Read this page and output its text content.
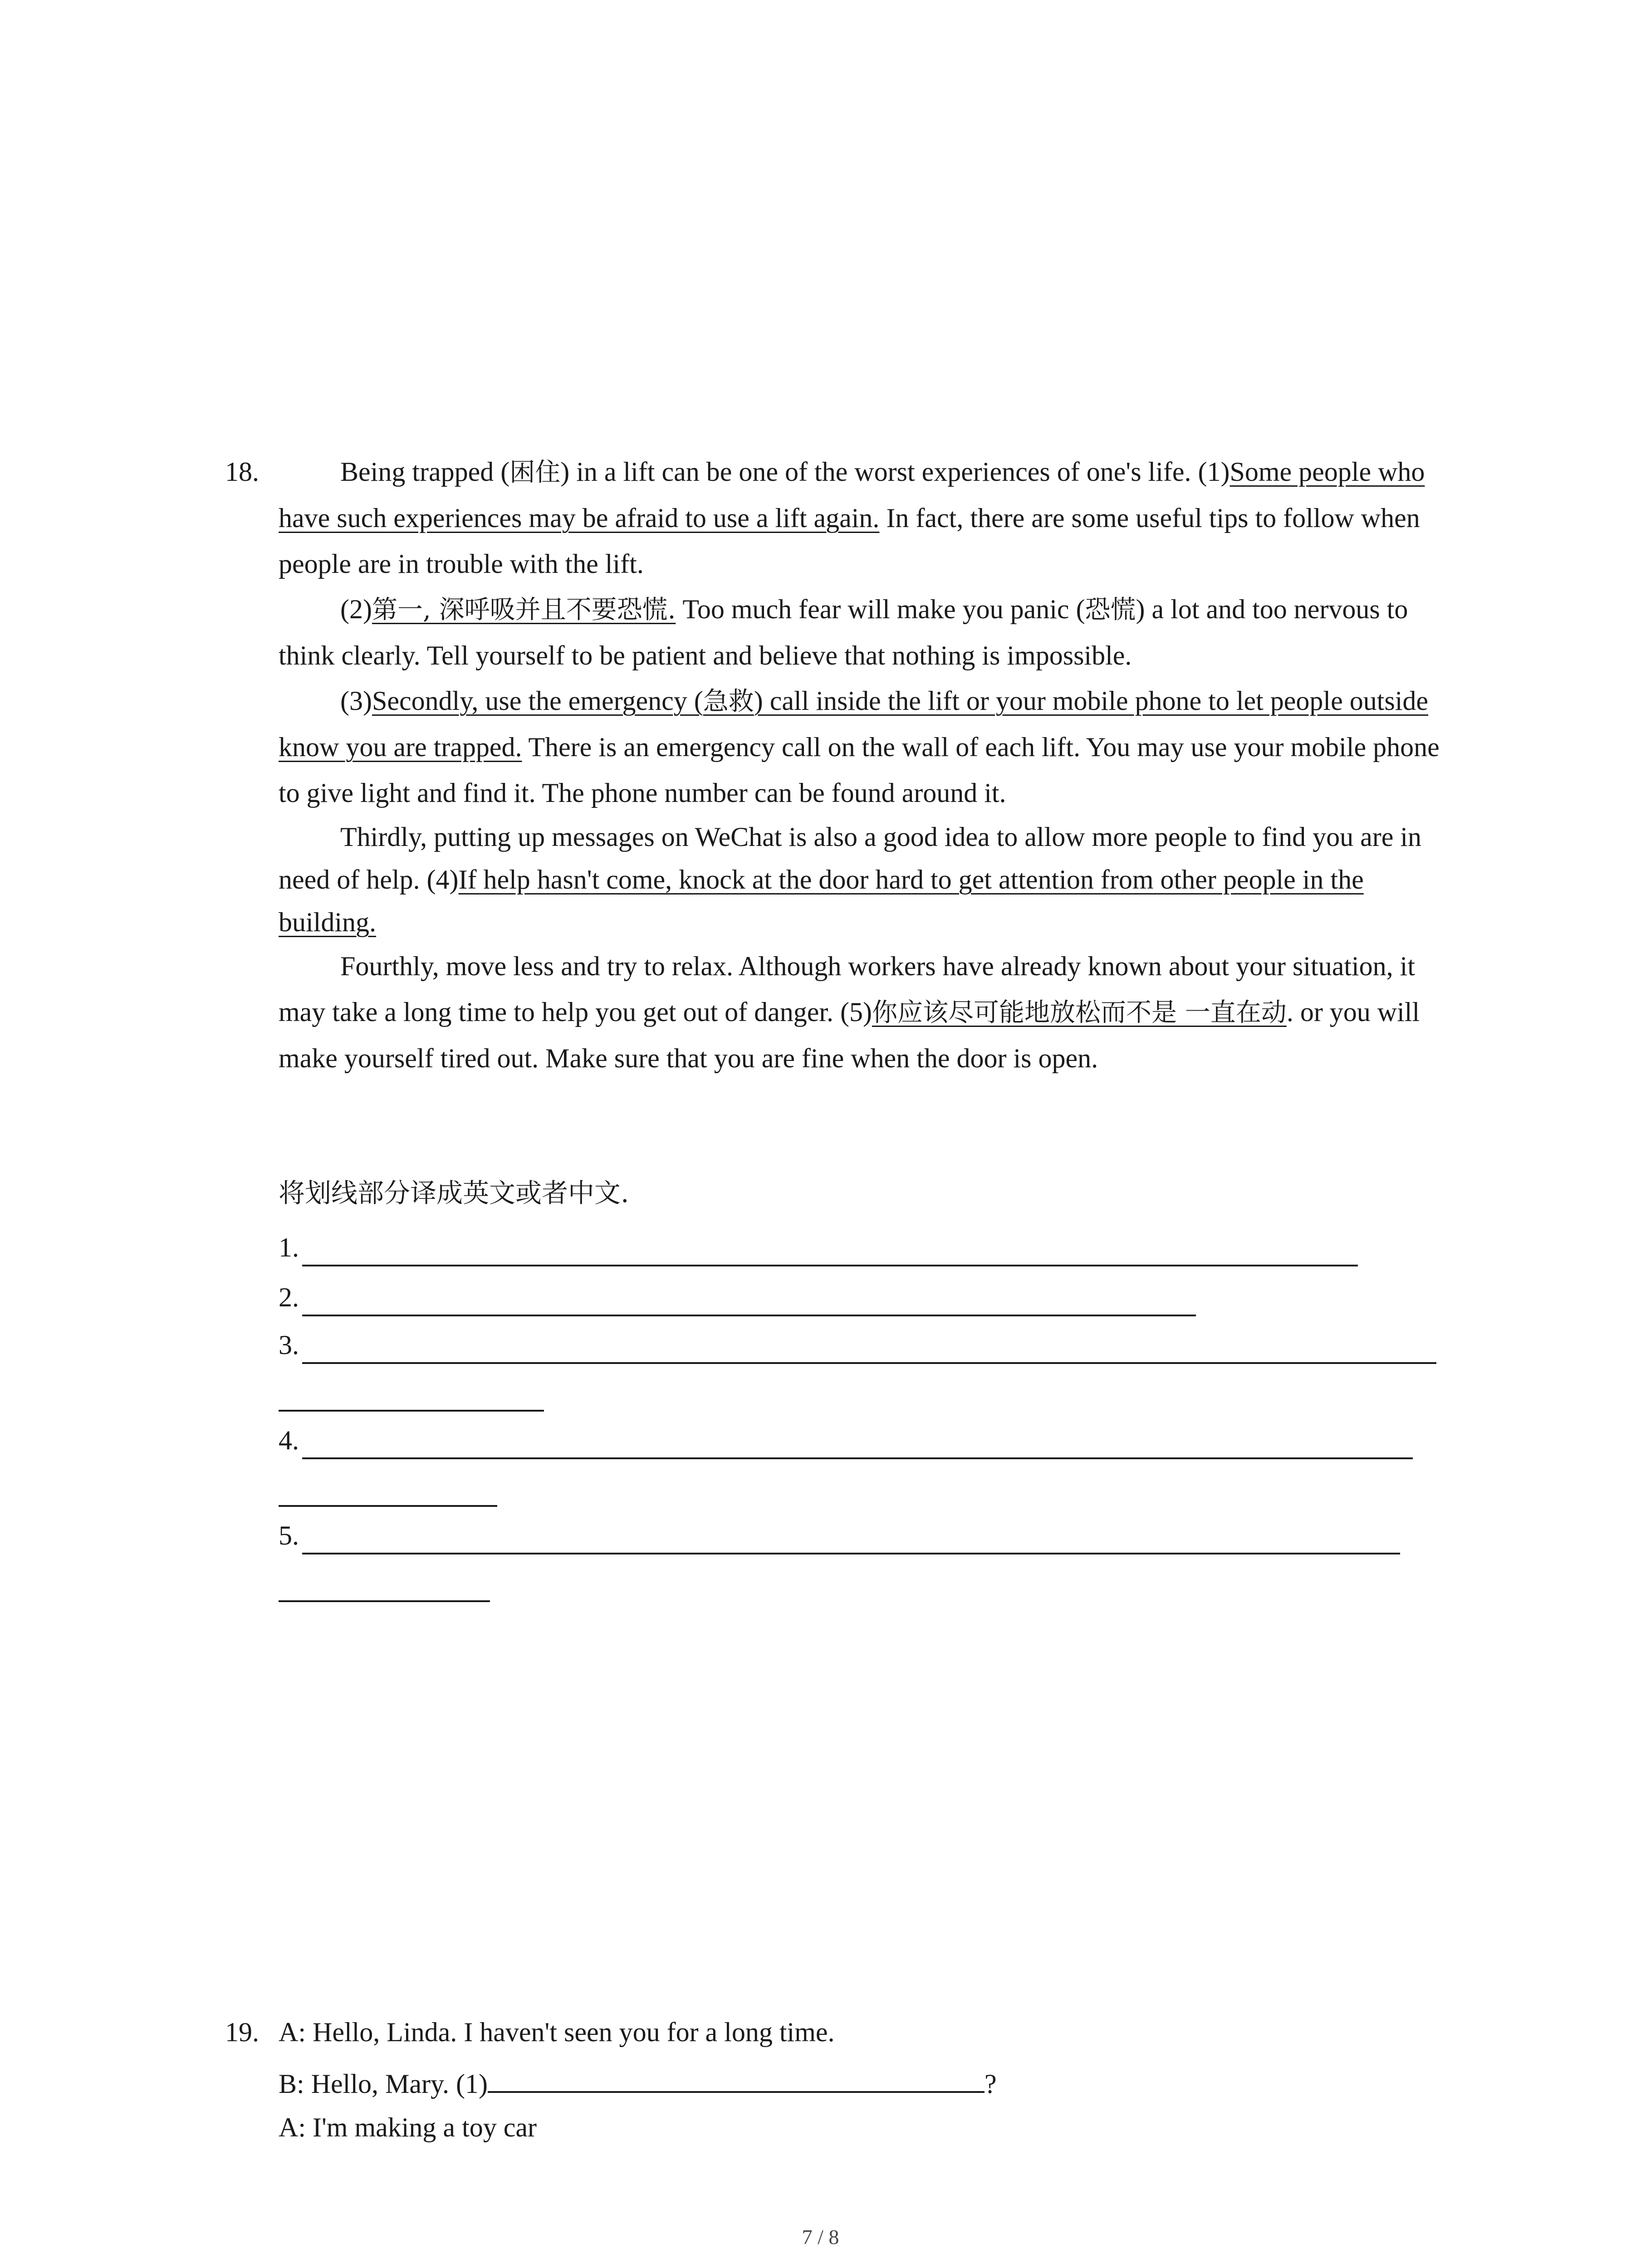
18.	Being trapped (困住) in a lift can be one of the worst experiences of one's life. (1)Some people who have such experiences may be afraid to use a lift again. In fact, there are some useful tips to follow when people are in trouble with the lift.

(2)第一, 深呼吸并且不要恐慌. Too much fear will make you panic (恐慌) a lot and too nervous to think clearly. Tell yourself to be patient and believe that nothing is impossible.

(3)Secondly, use the emergency (急救) call inside the lift or your mobile phone to let people outside know you are trapped. There is an emergency call on the wall of each lift. You may use your mobile phone to give light and find it. The phone number can be found around it.

Thirdly, putting up messages on WeChat is also a good idea to allow more people to find you are in need of help. (4)If help hasn't come, knock at the door hard to get attention from other people in the building.

Fourthly, move less and try to relax. Although workers have already known about your situation, it may take a long time to help you get out of danger. (5)你应该尽可能地放松而不是 一直在动. or you will make yourself tired out. Make sure that you are fine when the door is open.

将划线部分译成英文或者中文.
1.
2.
3.
4.
5.
19. A: Hello, Linda. I haven't seen you for a long time.
B: Hello, Mary. (1)	?
A: I'm making a toy car
7 / 8
